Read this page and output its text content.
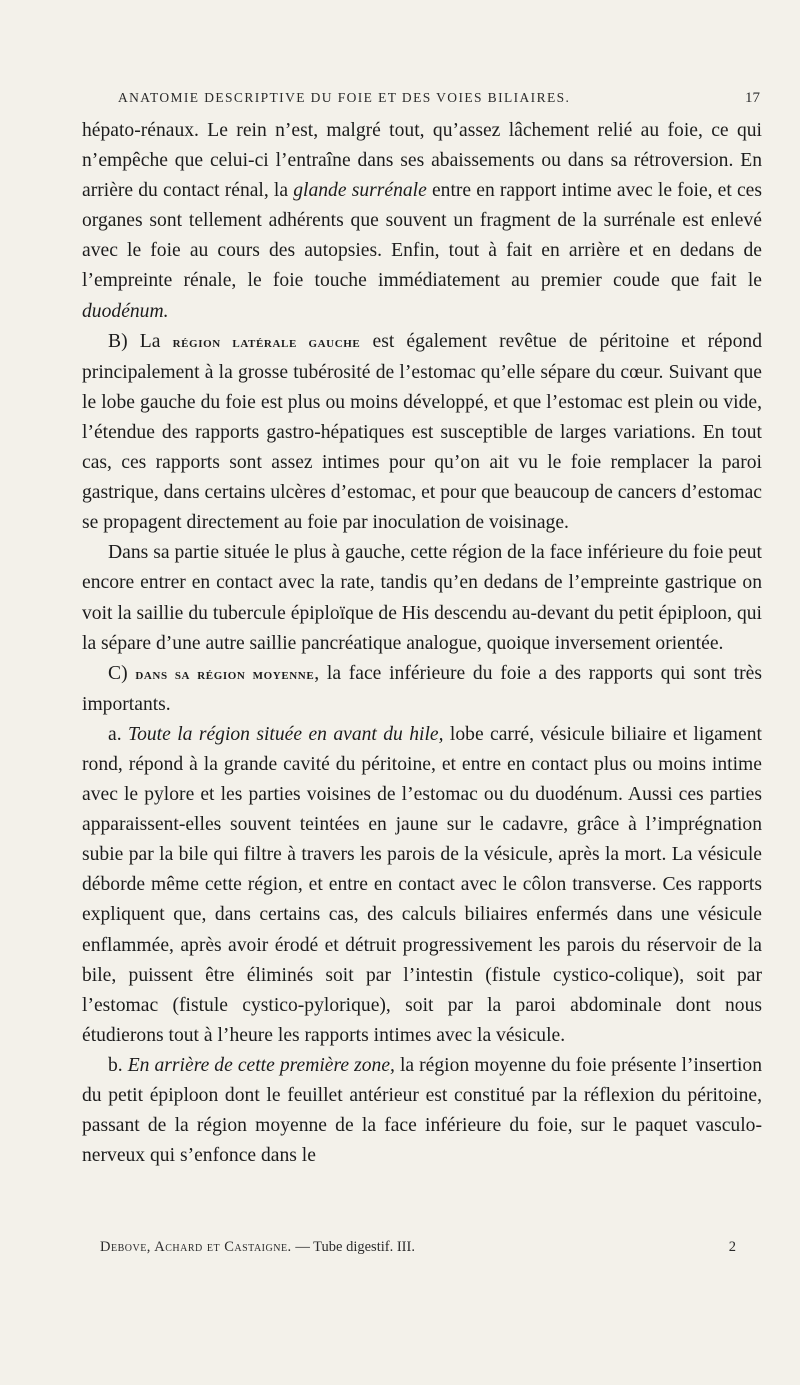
ANATOMIE DESCRIPTIVE DU FOIE ET DES VOIES BILIAIRES.	17

hépato-rénaux. Le rein n’est, malgré tout, qu’assez lâchement relié au foie, ce qui n’empêche que celui-ci l’entraîne dans ses abaissements ou dans sa rétroversion. En arrière du contact rénal, la glande surrénale entre en rapport intime avec le foie, et ces organes sont tellement adhérents que souvent un fragment de la surrénale est enlevé avec le foie au cours des autopsies. Enfin, tout à fait en arrière et en dedans de l’empreinte rénale, le foie touche immédiatement au premier coude que fait le duodénum.

B) La région latérale gauche est également revêtue de péritoine et répond principalement à la grosse tubérosité de l’estomac qu’elle sépare du cœur. Suivant que le lobe gauche du foie est plus ou moins développé, et que l’estomac est plein ou vide, l’étendue des rapports gastro-hépatiques est susceptible de larges variations. En tout cas, ces rapports sont assez intimes pour qu’on ait vu le foie remplacer la paroi gastrique, dans certains ulcères d’estomac, et pour que beaucoup de cancers d’estomac se propagent directement au foie par inoculation de voisinage.

Dans sa partie située le plus à gauche, cette région de la face inférieure du foie peut encore entrer en contact avec la rate, tandis qu’en dedans de l’empreinte gastrique on voit la saillie du tubercule épiploïque de His descendu au-devant du petit épiploon, qui la sépare d’une autre saillie pancréatique analogue, quoique inversement orientée.

C) dans sa région moyenne, la face inférieure du foie a des rapports qui sont très importants.

a. Toute la région située en avant du hile, lobe carré, vésicule biliaire et ligament rond, répond à la grande cavité du péritoine, et entre en contact plus ou moins intime avec le pylore et les parties voisines de l’estomac ou du duodénum. Aussi ces parties apparaissent-elles souvent teintées en jaune sur le cadavre, grâce à l’imprégnation subie par la bile qui filtre à travers les parois de la vésicule, après la mort. La vésicule déborde même cette région, et entre en contact avec le côlon transverse. Ces rapports expliquent que, dans certains cas, des calculs biliaires enfermés dans une vésicule enflammée, après avoir érodé et détruit progressivement les parois du réservoir de la bile, puissent être éliminés soit par l’intestin (fistule cystico-colique), soit par l’estomac (fistule cystico-pylorique), soit par la paroi abdominale dont nous étudierons tout à l’heure les rapports intimes avec la vésicule.

b. En arrière de cette première zone, la région moyenne du foie présente l’insertion du petit épiploon dont le feuillet antérieur est constitué par la réflexion du péritoine, passant de la région moyenne de la face inférieure du foie, sur le paquet vasculo-nerveux qui s’enfonce dans le

Debove, Achard et Castaigne. — Tube digestif. III.	2
